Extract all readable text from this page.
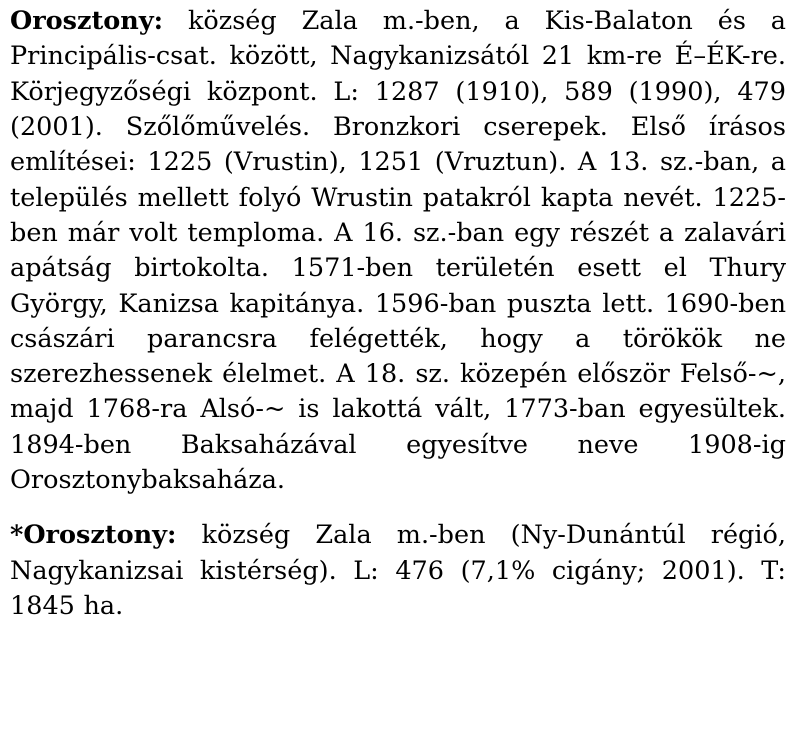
Orosztony: község Zala m.-ben, a Kis-Balaton és a Principális-csat. között, Nagykanizsától 21 km-re É–ÉK-re. Körjegyzőségi központ. L: 1287 (1910), 589 (1990), 479 (2001). Szőlőművelés. Bronzkori cserepek. Első írásos említései: 1225 (Vrustin), 1251 (Vruztun). A 13. sz.-ban, a település mellett folyó Wrustin patakról kapta nevét. 1225-ben már volt temploma. A 16. sz.-ban egy részét a zalavári apátság birtokolta. 1571-ben területén esett el Thury György, Kanizsa kapitánya. 1596-ban puszta lett. 1690-ben császári parancsra felégették, hogy a törökök ne szerezhessenek élelmet. A 18. sz. közepén először Felső-~, majd 1768-ra Alsó-~ is lakottá vált, 1773-ban egyesültek. 1894-ben Baksaházával egyesítve neve 1908-ig Orosztonybaksaháza.

*Orosztony: község Zala m.-ben (Ny-Dunántúl régió, Nagykanizsai kistérség). L: 476 (7,1% cigány; 2001). T: 1845 ha.
